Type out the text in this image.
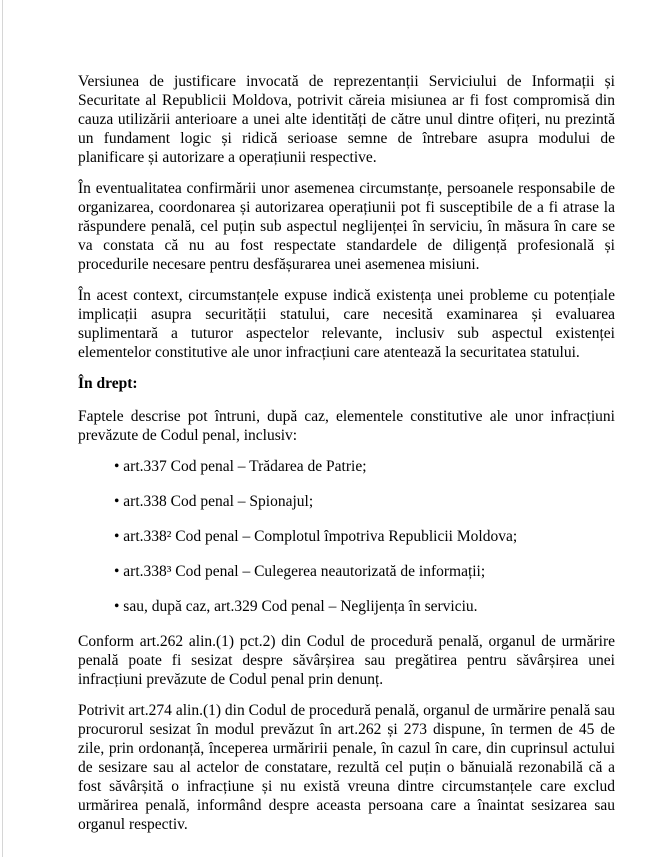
Versiunea de justificare invocată de reprezentanții Serviciului de Informații și Securitate al Republicii Moldova, potrivit căreia misiunea ar fi fost compromisă din cauza utilizării anterioare a unei alte identități de către unul dintre ofițeri, nu prezintă un fundament logic și ridică serioase semne de întrebare asupra modului de planificare și autorizare a operațiunii respective.

În eventualitatea confirmării unor asemenea circumstanțe, persoanele responsabile de organizarea, coordonarea și autorizarea operațiunii pot fi susceptibile de a fi atrase la răspundere penală, cel puțin sub aspectul neglijenței în serviciu, în măsura în care se va constata că nu au fost respectate standardele de diligență profesională și procedurile necesare pentru desfășurarea unei asemenea misiuni.

În acest context, circumstanțele expuse indică existența unei probleme cu potențiale implicații asupra securității statului, care necesită examinarea și evaluarea suplimentară a tuturor aspectelor relevante, inclusiv sub aspectul existenței elementelor constitutive ale unor infracțiuni care atentează la securitatea statului.

În drept:

Faptele descrise pot întruni, după caz, elementele constitutive ale unor infracțiuni prevăzute de Codul penal, inclusiv:

• art.337 Cod penal – Trădarea de Patrie;

• art.338 Cod penal – Spionajul;

• art.338² Cod penal – Complotul împotriva Republicii Moldova;

• art.338³ Cod penal – Culegerea neautorizată de informații;

• sau, după caz, art.329 Cod penal – Neglijența în serviciu.

Conform art.262 alin.(1) pct.2) din Codul de procedură penală, organul de urmărire penală poate fi sesizat despre săvârșirea sau pregătirea pentru săvârșirea unei infracțiuni prevăzute de Codul penal prin denunț.

Potrivit art.274 alin.(1) din Codul de procedură penală, organul de urmărire penală sau procurorul sesizat în modul prevăzut în art.262 și 273 dispune, în termen de 45 de zile, prin ordonanță, începerea urmăririi penale, în cazul în care, din cuprinsul actului de sesizare sau al actelor de constatare, rezultă cel puțin o bănuială rezonabilă că a fost săvârșită o infracțiune și nu există vreuna dintre circumstanțele care exclud urmărirea penală, informând despre aceasta persoana care a înaintat sesizarea sau organul respectiv.
